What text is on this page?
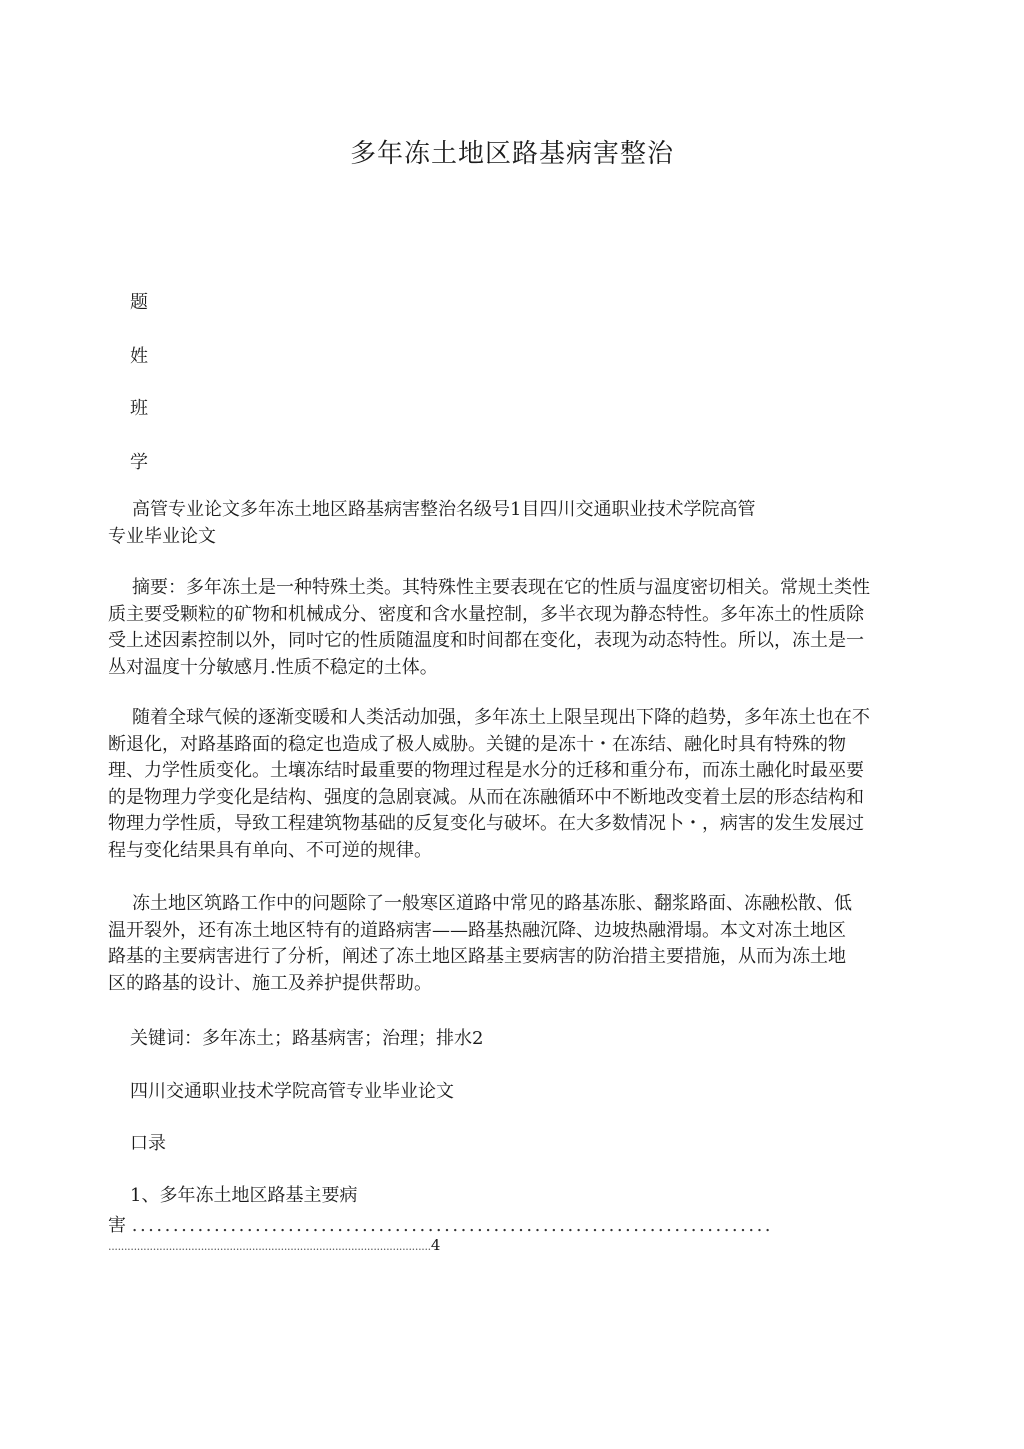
多年冻土地区路基病害整治
题
姓
班
学

高管专业论文多年冻土地区路基病害整治名级号1目四川交通职业技术学院高管
专业毕业论文

摘要：多年冻土是一种特殊土类。其特殊性主要表现在它的性质与温度密切相关。常规土类性质主要受颗粒的矿物和机械成分、密度和含水量控制，多半衣现为静态特性。多年冻土的性质除受上述因素控制以外，同吋它的性质随温度和时间都在变化，表现为动态特性。所以，冻土是一丛对温度十分敏感月.性质不稳定的土体。

随着全球气候的逐渐变暖和人类活动加强，多年冻土上限呈现出下降的趋势，多年冻土也在不断退化，对路基路面的稳定也造成了极人威胁。关键的是冻十・在冻结、融化时具有特殊的物理、力学性质变化。土壤冻结时最重要的物理过程是水分的迁移和重分布，而冻土融化时最巫要的是物理力学变化是结构、强度的急剧衰减。从而在冻融循环中不断地改变着土层的形态结构和物理力学性质，导致工程建筑物基础的反复变化与破坏。在大多数情况卜・，病害的发生发展过程与变化结果具有单向、不可逆的规律。

冻土地区筑路工作中的问题除了一般寒区道路中常见的路基冻胀、翻浆路面、冻融松散、低温开裂外，还有冻土地区特有的道路病害——路基热融沉降、边坡热融滑塌。本文对冻土地区路基的主要病害进行了分析，阐述了冻土地区路基主要病害的防治措主要措施，从而为冻土地区的路基的设计、施工及养护提供帮助。

关键词：多年冻土；路基病害；治理；排水2
四川交通职业技术学院高管专业毕业论文
口录
1、多年冻土地区路基主要病
害 ..............................................................................
.....................................................................................................4
